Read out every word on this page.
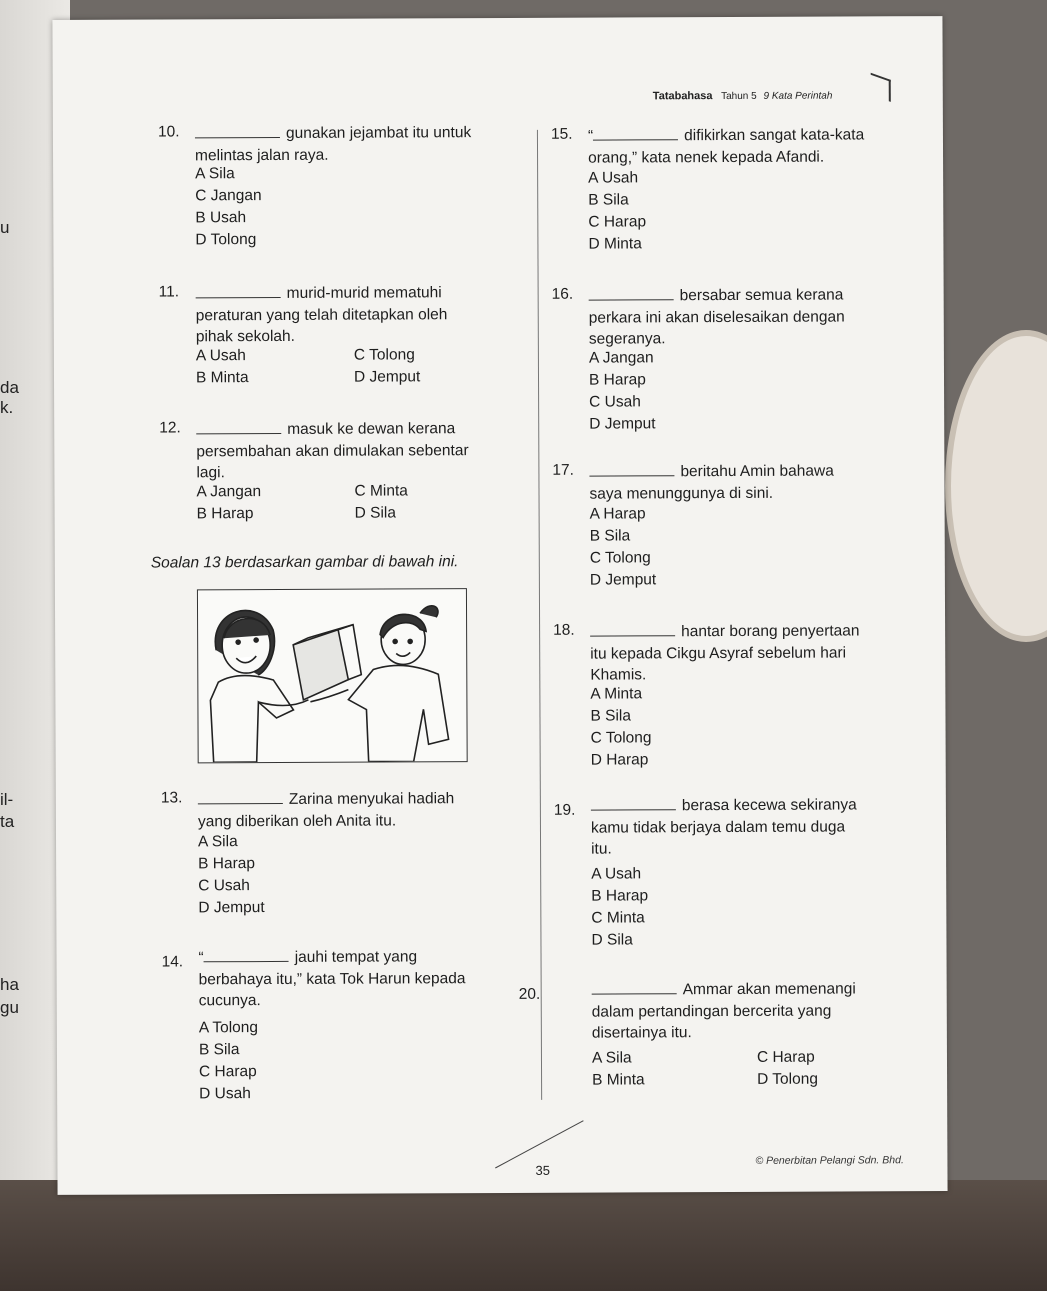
u
da
k.
il-
ta
ha
gu
Tatabahasa Tahun 5 9 Kata Perintah
10.	gunakan jejambat itu untuk
melintas jalan raya.
A Sila
C Jangan
B Usah
D Tolong
11.	murid-murid mematuhi
peraturan yang telah ditetapkan oleh
pihak sekolah.
A Usah	C Tolong
B Minta	D Jemput
12.	masuk ke dewan kerana
persembahan akan dimulakan sebentar
lagi.
A Jangan	C Minta
B Harap	D Sila
Soalan 13 berdasarkan gambar di bawah ini.
13.	Zarina menyukai hadiah
yang diberikan oleh Anita itu.
A Sila
B Harap
C Usah
D Jemput
14. “	jauhi tempat yang
berbahaya itu,” kata Tok Harun kepada
cucunya.
A Tolong
B Sila
C Harap
D Usah
15. “	difikirkan sangat kata-kata
orang,” kata nenek kepada Afandi.
A Usah
B Sila
C Harap
D Minta
16.	bersabar semua kerana
perkara ini akan diselesaikan dengan
segeranya.
A Jangan
B Harap
C Usah
D Jemput
17.	beritahu Amin bahawa
saya menunggunya di sini.
A Harap
B Sila
C Tolong
D Jemput
18.	hantar borang penyertaan
itu kepada Cikgu Asyraf sebelum hari
Khamis.
A Minta
B Sila
C Tolong
D Harap
19.	berasa kecewa sekiranya
kamu tidak berjaya dalam temu duga
itu.
A Usah
B Harap
C Minta
D Sila
20.	Ammar akan memenangi
dalam pertandingan bercerita yang
disertainya itu.
A Sila	C Harap
B Minta	D Tolong
35
© Penerbitan Pelangi Sdn. Bhd.
